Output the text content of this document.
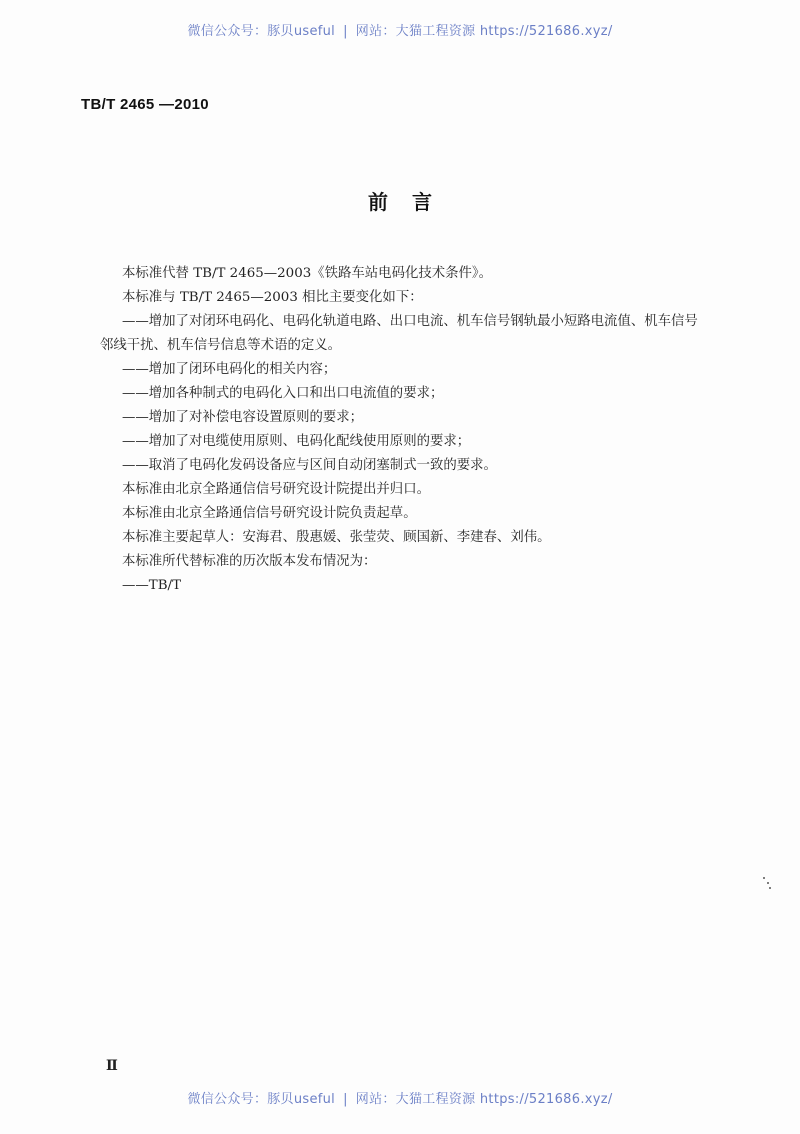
微信公众号：豚贝useful | 网站：大猫工程资源 https://521686.xyz/
TB/T 2465 —2010
前言

本标准代替 TB/T 2465—2003《铁路车站电码化技术条件》。

本标准与 TB/T 2465—2003 相比主要变化如下：

——增加了对闭环电码化、电码化轨道电路、出口电流、机车信号钢轨最小短路电流值、机车信号

邻线干扰、机车信号信息等术语的定义。

——增加了闭环电码化的相关内容；

——增加各种制式的电码化入口和出口电流值的要求；

——增加了对补偿电容设置原则的要求；

——增加了对电缆使用原则、电码化配线使用原则的要求；

——取消了电码化发码设备应与区间自动闭塞制式一致的要求。

本标准由北京全路通信信号研究设计院提出并归口。

本标准由北京全路通信信号研究设计院负责起草。

本标准主要起草人：安海君、殷惠媛、张莹荧、顾国新、李建春、刘伟。

本标准所代替标准的历次版本发布情况为：

——TB/T

Ⅱ
微信公众号：豚贝useful | 网站：大猫工程资源 https://521686.xyz/
